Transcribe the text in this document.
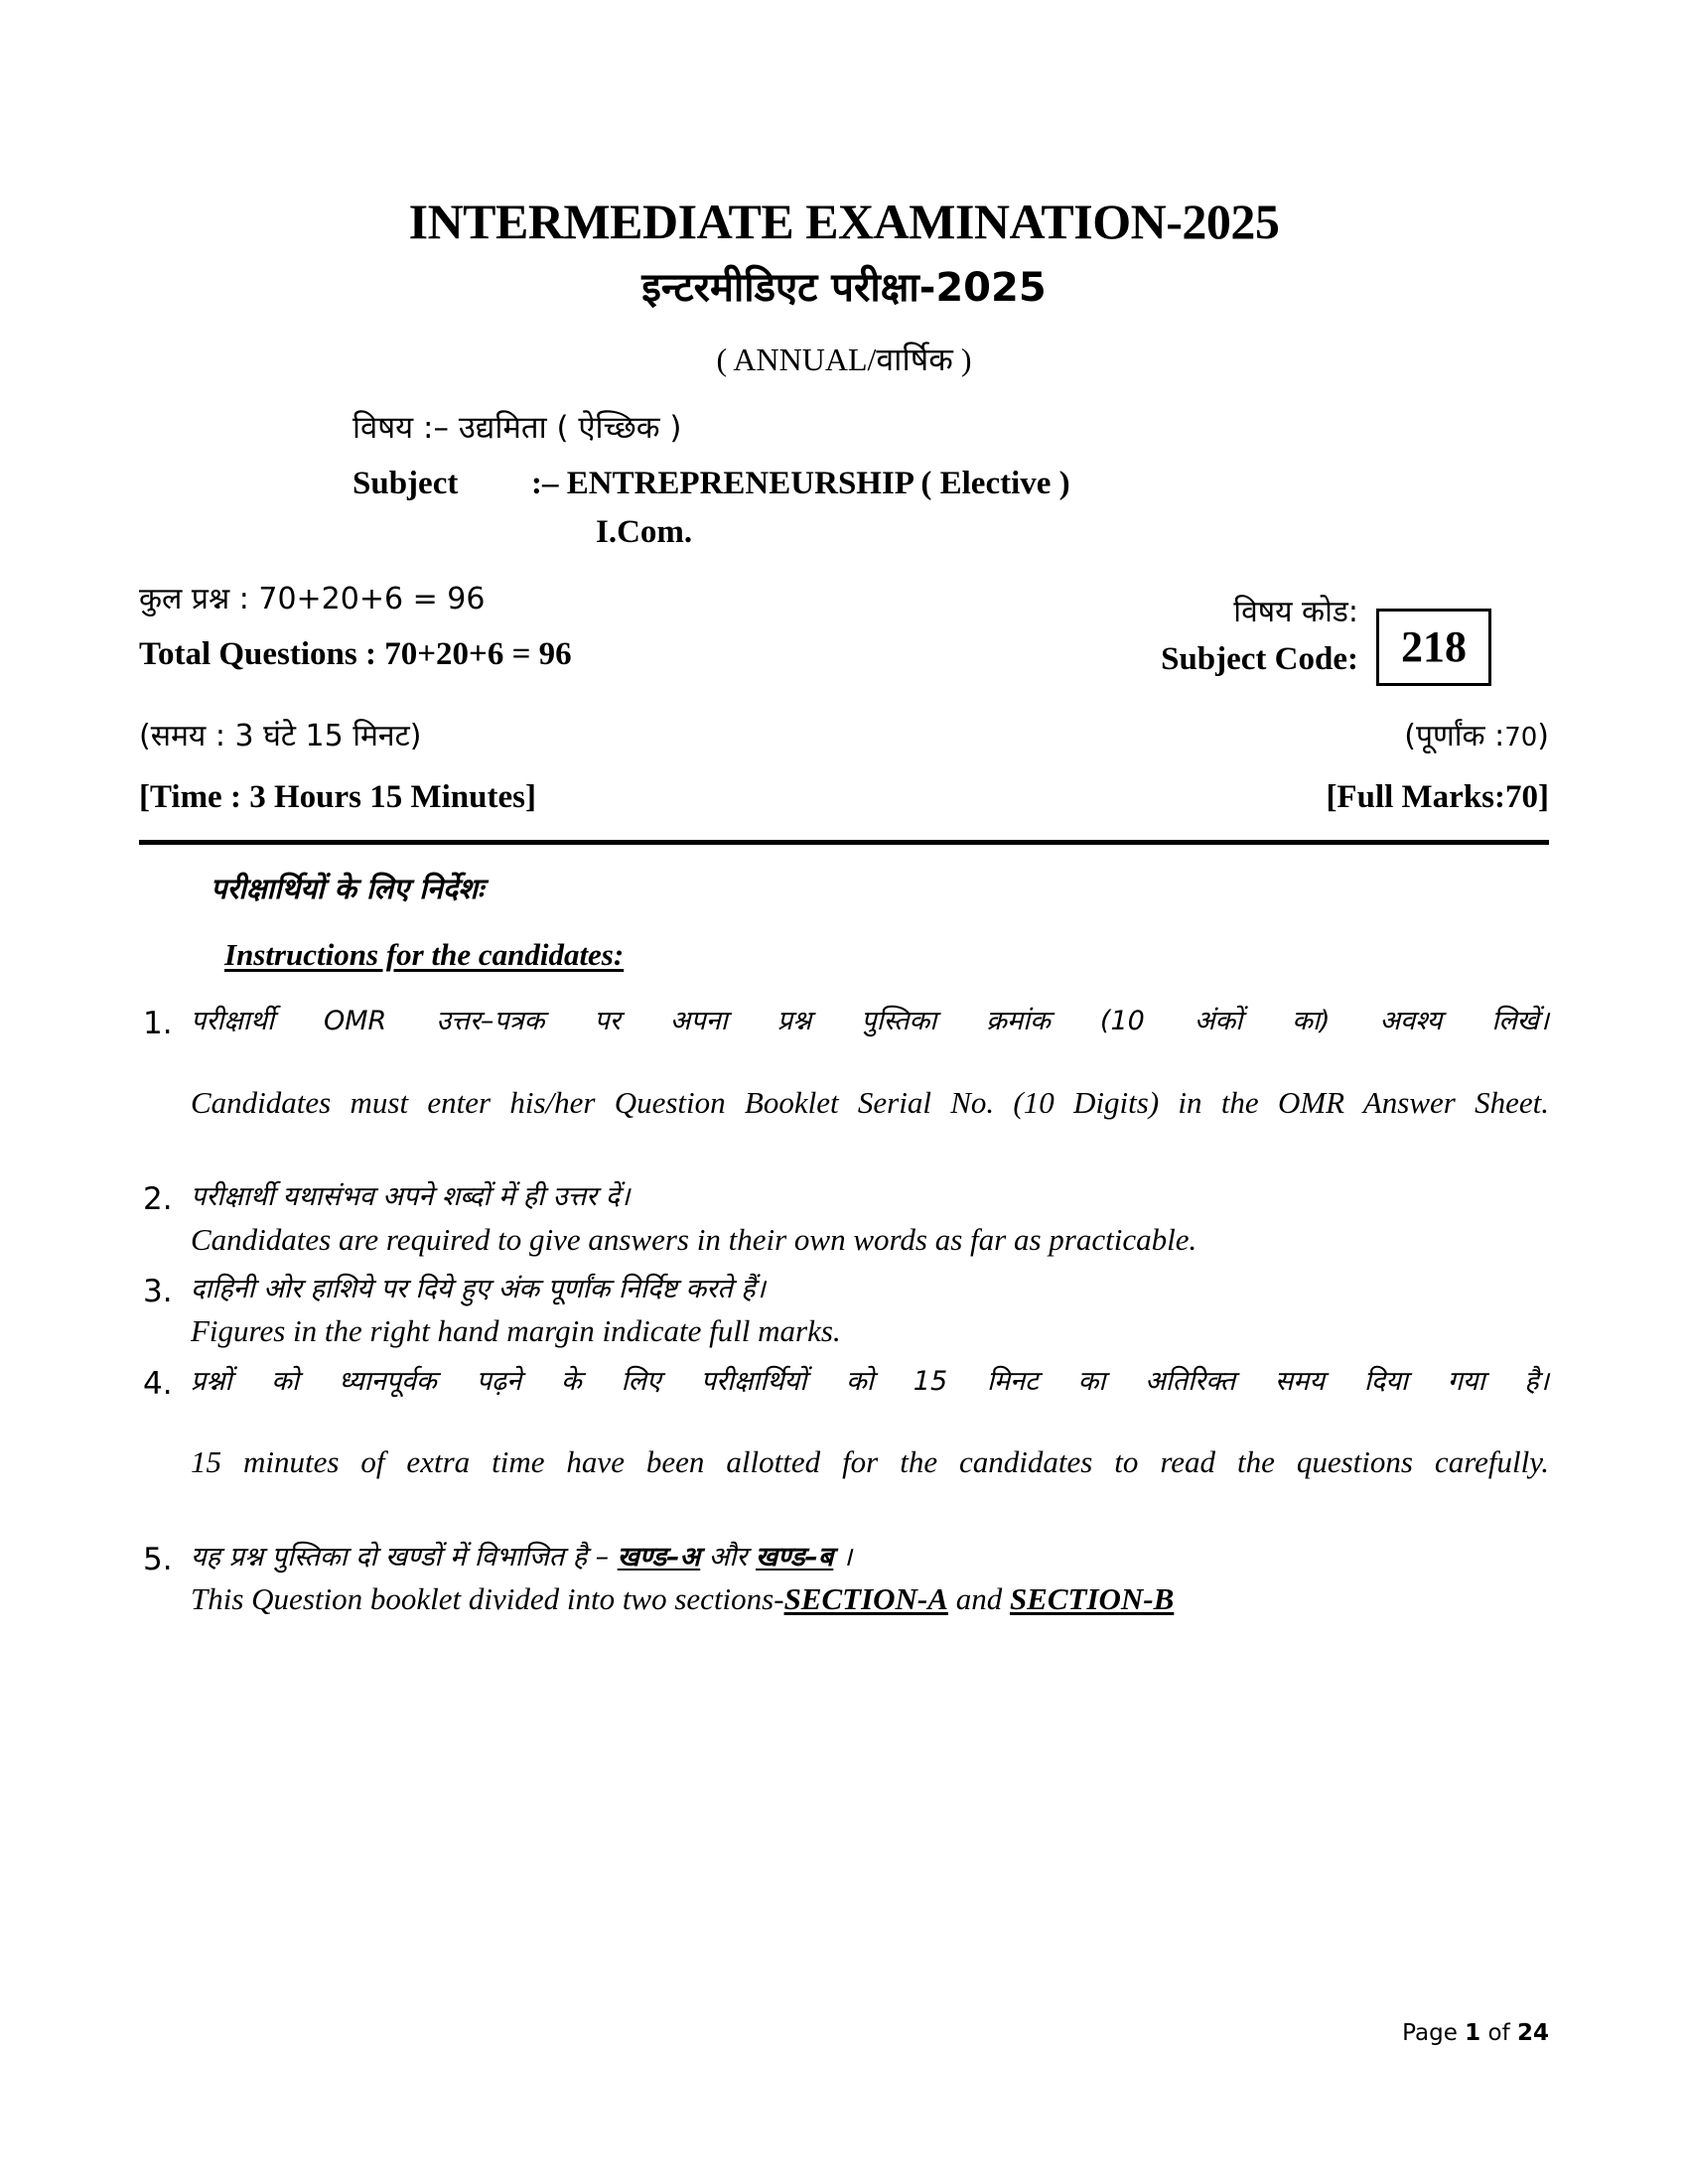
INTERMEDIATE EXAMINATION-2025
इन्टरमीडिएट परीक्षा-2025
( ANNUAL/वार्षिक )
विषय :– उद्यमिता ( ऐच्छिक )
Subject :– ENTREPRENEURSHIP ( Elective )
I.Com.
कुल प्रश्न : 70+20+6 = 96
Total Questions : 70+20+6 = 96
विषय कोड:
Subject Code: 218
(समय : 3 घंटे 15 मिनट)	(पूर्णांक :70)
[Time : 3 Hours 15 Minutes]	[Full Marks:70]
परीक्षार्थियों के लिए निर्देशः
Instructions for the candidates:
1. परीक्षार्थी OMR उत्तर–पत्रक पर अपना प्रश्न पुस्तिका क्रमांक (10 अंकों का) अवश्य लिखें।
Candidates must enter his/her Question Booklet Serial No. (10 Digits) in the OMR Answer Sheet.
2. परीक्षार्थी यथासंभव अपने शब्दों में ही उत्तर दें।
Candidates are required to give answers in their own words as far as practicable.
3. दाहिनी ओर हाशिये पर दिये हुए अंक पूर्णांक निर्दिष्ट करते हैं।
Figures in the right hand margin indicate full marks.
4. प्रश्नों को ध्यानपूर्वक पढ़ने के लिए परीक्षार्थियों को 15 मिनट का अतिरिक्त समय दिया गया है।
15 minutes of extra time have been allotted for the candidates to read the questions carefully.
5. यह प्रश्न पुस्तिका दो खण्डों में विभाजित है – खण्ड–अ और खण्ड–ब ।
This Question booklet divided into two sections-SECTION-A and SECTION-B
Page 1 of 24
